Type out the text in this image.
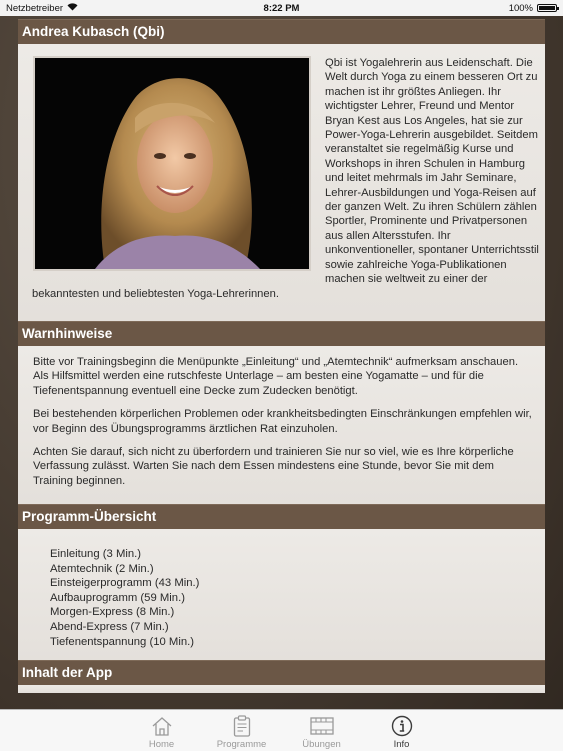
Netzbetreiber	8:22 PM	100%
Andrea Kubasch (Qbi)
Qbi ist Yogalehrerin aus Leidenschaft. Die Welt durch Yoga zu einem besseren Ort zu machen ist ihr größtes Anliegen. Ihr wichtigster Lehrer, Freund und Mentor Bryan Kest aus Los Angeles, hat sie zur Power-Yoga-Lehrerin ausgebildet. Seitdem veranstaltet sie regelmäßig Kurse und Workshops in ihren Schulen in Hamburg und leitet mehrmals im Jahr Seminare, Lehrer-Ausbildungen und Yoga-Reisen auf der ganzen Welt. Zu ihren Schülern zählen Sportler, Prominente und Privatpersonen aus allen Altersstufen. Ihr unkonventioneller, spontaner Unterrichtsstil sowie zahlreiche Yoga-Publikationen machen sie weltweit zu einer der bekanntesten und beliebtesten Yoga-Lehrerinnen.
Warnhinweise

Bitte vor Trainingsbeginn die Menüpunkte „Einleitung“ und „Atemtechnik“ aufmerksam anschauen. Als Hilfsmittel werden eine rutschfeste Unterlage – am besten eine Yogamatte – und für die Tiefenentspannung eventuell eine Decke zum Zudecken benötigt.

Bei bestehenden körperlichen Problemen oder krankheitsbedingten Einschränkungen empfehlen wir, vor Beginn des Übungsprogramms ärztlichen Rat einzuholen.

Achten Sie darauf, sich nicht zu überfordern und trainieren Sie nur so viel, wie es Ihre körperliche Verfassung zulässt. Warten Sie nach dem Essen mindestens eine Stunde, bevor Sie mit dem Training beginnen.

Programm-Übersicht
Einleitung (3 Min.)
Atemtechnik (2 Min.)
Einsteigerprogramm (43 Min.)
Aufbauprogramm (59 Min.)
Morgen-Express (8 Min.)
Abend-Express (7 Min.)
Tiefenentspannung (10 Min.)
Inhalt der App
Home	Programme	Übungen	Info
